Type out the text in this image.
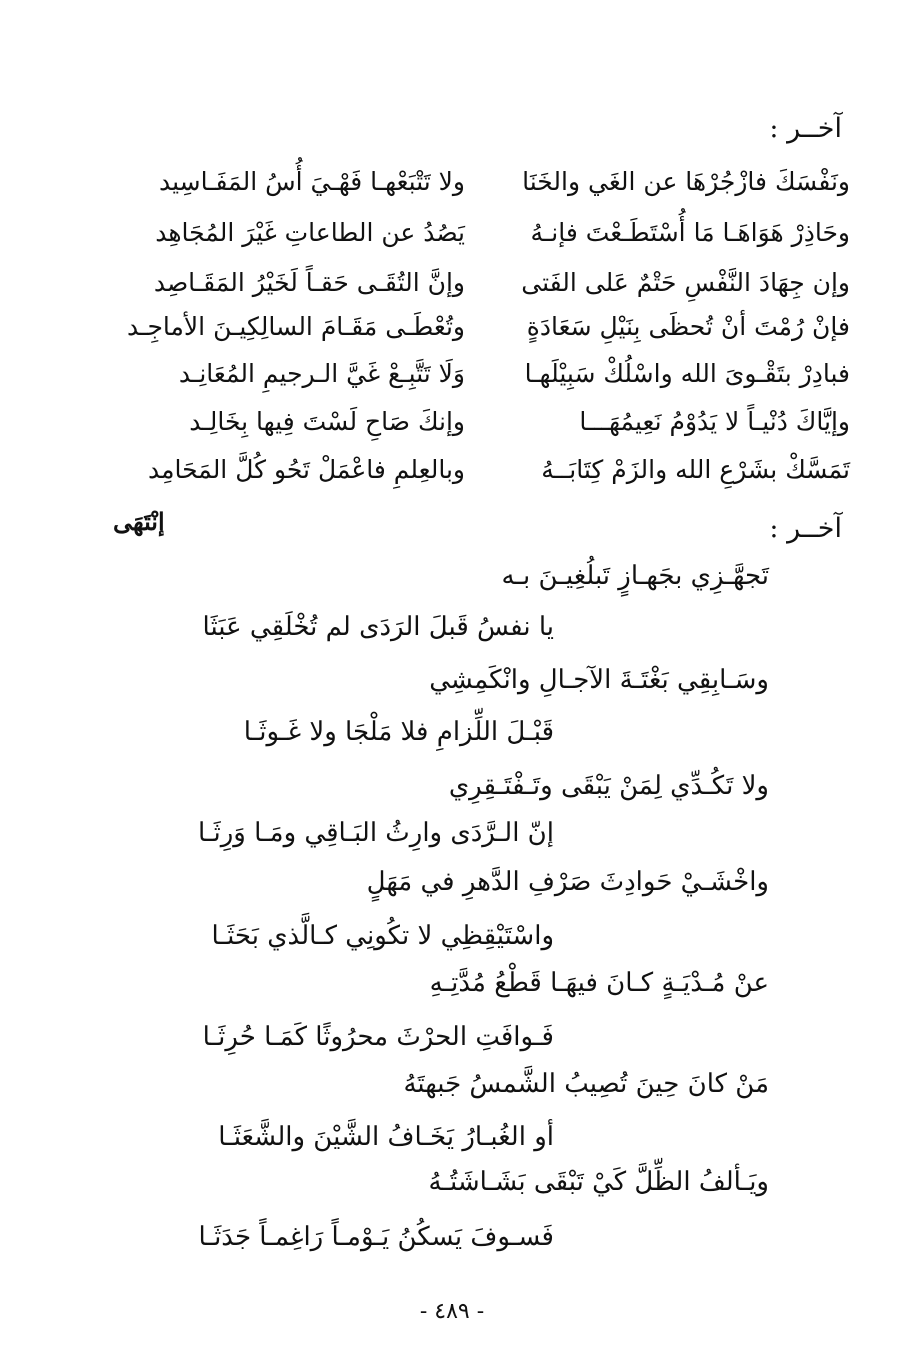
آخــر :
ونَفْسَكَ فازْجُرْهَا عن الغَي والخَنَا
ولا تَتْبَعْهـا فَهْـيَ أُسُ المَفَـاسِيد
وحَاذِرْ هَوَاهَـا مَا أُسْتَطَـعْتَ فإنـهُ
يَصُدُ عن الطاعاتِ غَيْرَ المُجَاهِد
وإن جِهَادَ النَّفْسِ حَتْمٌ عَلى الفَتى
وإنَّ التُقَـى حَقـاً لَخَيْرُ المَقَـاصِد
فإنْ رُمْتَ أنْ تُحظَى بِنَيْلِ سَعَادَةٍ
وتُعْطَـى مَقَـامَ السالِكِيـنَ الأماجِـد
فبادِرْ بتَقْـوىَ الله واسْلُكْ سَبِيْلَهـا
وَلَا تَتَّبِـعْ غَيَّ الـرجيمِ المُعَانِـد
وإيَّاكَ دُنْيـاً لا يَدُوْمُ نَعِيمُهَـــا
وإنكَ صَاحِ لَسْتَ فِيها بِخَالِـد
تَمَسَّكْ بشَرْعِ الله والزَمْ كِتَابَــهُ
وبالعِلمِ فاعْمَلْ تَحُو كُلَّ المَحَامِد
إنْتَهَى	آخــر :
تَجهَّـزِي بجَهـازٍ تَبلُغِيـنَ بـه
يا نفسُ قَبلَ الرَدَى لم تُخْلَقِي عَبَثَا
وسَـابِقِي بَغْتَـةَ الآجـالِ وانْكَمِشِي
قَبْـلَ اللِّزامِ فلا مَلْجَا ولا غَـوثَـا
ولا تَكُـدِّي لِمَنْ يَبْقَى وتَـفْتَـقِرِي
إنّ الـرَّدَى وارِثُ البَـاقِي ومَـا وَرِثَـا
واخْشَـيْ حَوادِثَ صَرْفِ الدَّهرِ في مَهَلٍ
واسْتَيْقِظِي لا تكُونِي كـالَّذي بَحَثَـا
عنْ مُـدْيَـةٍ كـانَ فيهَـا قَطْعُ مُدَّتِـهِ
فَـوافَتِ الحرْثَ محرُوثًا كَمَـا حُرِثَـا
مَنْ كانَ حِينَ تُصِيبُ الشَّمسُ جَبهتَهُ
أو الغُبـارُ يَخَـافُ الشَّيْنَ والشَّعَثَـا
ويَـألفُ الظِّلَّ كَيْ تَبْقَى بَشَـاشَتُـهُ
فَسـوفَ يَسكُنُ يَـوْمـاً رَاغِمـاً جَدَثَـا
- ٤٨٩ -
